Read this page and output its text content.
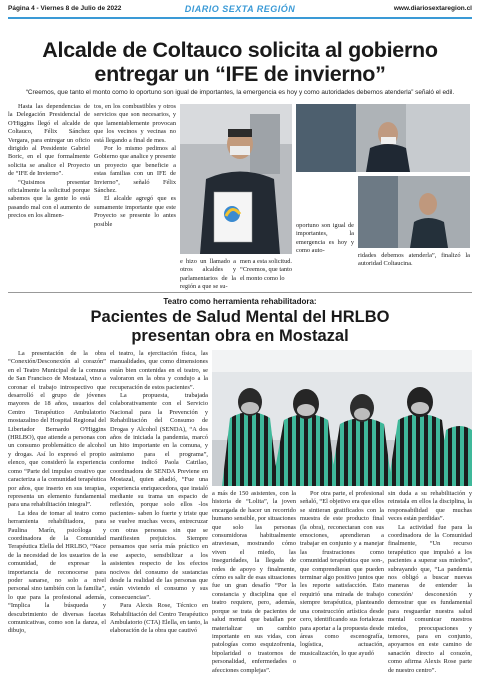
Página 4 - Viernes 8 de Julio de 2022	DIARIO SEXTA REGIÓN	www.diariosextaregion.cl
Alcalde de Coltauco solicita al gobierno
entregar un “IFE de invierno”
“Creemos, que tanto el monto como lo oportuno son igual de importantes, la emergencia es hoy y como autoridades debemos atenderla” señaló el edil.

Hasta las dependencias de la Delegación Presidencial de O'Higgins llegó el alcalde de Coltauco, Félix Sánchez Vergara, para entregar un oficio dirigido al Presidente Gabriel Boric, en el que formalmente solicita se analice el Proyecto de “IFE de Invierno”.

“Quisimos presentar oficialmente la solicitud porque sabemos que la gente lo está pasando mal con el aumento de precios en los alimen-

tos, en los combustibles y otros servicios que son necesarios, y que lamentablemente provocan que los vecinos y vecinas no está llegando a final de mes.

Por lo mismo pedimos al Gobierno que analice y presente un proyecto que beneficie a estas familias con un IFE de Invierno”, señaló Félix Sánchez.

El alcalde agregó que es sumamente importante que este Proyecto se presente lo antes posible

e hizo un llamado a otros alcaldes y parlamentarios de la región a que se su-

men a esta solicitud. “Creemos, que tanto el monto como lo

oportuno son igual de importantes, la emergencia es hoy y como auto-

ridades debemos atenderla”, finalizó la autoridad Coltaucina.

Teatro como herramienta rehabilitadora:
Pacientes de Salud Mental del HRLBO
presentan obra en Mostazal

La presentación de la obra “Conexión/Desconexión al corazón” en el Teatro Municipal de la comuna de San Francisco de Mostazal, vino a coronar el trabajo introspectivo que desarrolló el grupo de jóvenes mayores de 18 años, usuarios del Centro Terapéutico Ambulatorio mostazalino del Hospital Regional del Libertador Bernardo O'Higgins (HRLBO), que atiende a personas con un consumo problemático de alcohol y drogas. Así lo expresó el propio elenco, que consideró la experiencia como “Parte del impulso creativo que caracteriza a la comunidad terapéutica por años, que inserto en sus terapias, representa un elemento fundamental para una rehabilitación integral”.

La idea de tomar al teatro como herramienta rehabilitadora, para Paulina Marín, psicóloga y coordinadora de la Comunidad Terapéutica Elella del HRLBO, “Nace de la necesidad de los usuarios de la comunidad, de expresar la importancia de reconocerse para poder sanarse, no solo a nivel personal sino también con la familia”, lo que para la profesional además, “Implica la búsqueda y descubrimiento de diversas facetas comunicativas, como son la danza, el dibujo,

el teatro, la ejercitación física, las manualidades, que como dimensiones están bien contenidas en el teatro, se valoraron en la obra y condujo a la recuperación de estos pacientes”.

La propuesta, trabajada colaborativamente con el Servicio Nacional para la Prevención y Rehabilitación del Consumo de Drogas y Alcohol (SENDA), “A dos años de iniciada la pandemia, marcó un hito importante en la comuna, y asimismo para el programa”, conforme indicó Paola Catrilao, coordinadora de SENDA Previene en Mostazal, quien añadió, “Fue una experiencia enriquecedora, que instaló mediante su trama un espacio de reflexión, porque solo ellos -los pacientes- saben lo fuerte y triste que se vuelve muchas veces, entrecruzar con otras personas sin que se manifiesten prejuicios. Siempre pensamos que sería más práctico en ese aspecto, sensibilizar a los asistentes respecto de los efectos nocivos del consumo de sustancias desde la realidad de las personas que están viviendo el consumo y sus consecuencias”.

Para Alexis Rose, Técnico en Rehabilitación del Centro Terapéutico Ambulatorio (CTA) Elella, en tanto, la elaboración de la obra que cautivó

a más de 150 asistentes, con la historia de “Lolita”, la joven encargada de hacer un recorrido humano sensible, por situaciones que solo las personas consumidoras habitualmente atraviesan, mostrando cómo viven el miedo, las inseguridades, la llegada de redes de apoyo y finalmente, cómo es salir de esas situaciones fue un gran desafío “Por la constancia y disciplina que el teatro requiere, pero, además, porque se trata de pacientes de salud mental que batallan por materializar un cambio importante en sus vidas, con patologías como esquizofrenia, bipolaridad o trastornos de personalidad, enfermedades o afecciones complejas”.

Por otra parte, el profesional señaló, “El objetivo era que ellos se sintieran gratificados con la muestra de este producto final (la obra), reconectaran con sus emociones, aprendieran a trabajar en conjunto y a manejar las frustraciones como comunidad terapéutica que son-, que comprendieran que pueden terminar algo positivo juntos que les reporte satisfacción. Esto requirió una mirada de trabajo siempre terapéutica, planteando una construcción artística desde cero, identificando sus fortalezas para aportar a la propuesta desde áreas como escenografía, logística, actuación, musicalización, lo que ayudó

sin duda a su rehabilitación y reinstala en ellos la disciplina, la responsabilidad que muchas veces están perdidas”.

La actividad fue para la coordinadora de la Comunidad finalmente, “Un recurso terapéutico que impulsó a los pacientes a superar sus miedos”, subrayando que, “La pandemia nos obligó a buscar nuevas maneras de entender la conexión/ desconexión y demostrar que es fundamental para resguardar nuestra salud mental comunicar nuestros miedos, preocupaciones y temores, para en conjunto, apoyarnos en este camino de sanación directo al corazón, como afirma Alexis Rose parte de nuestro centro”.
